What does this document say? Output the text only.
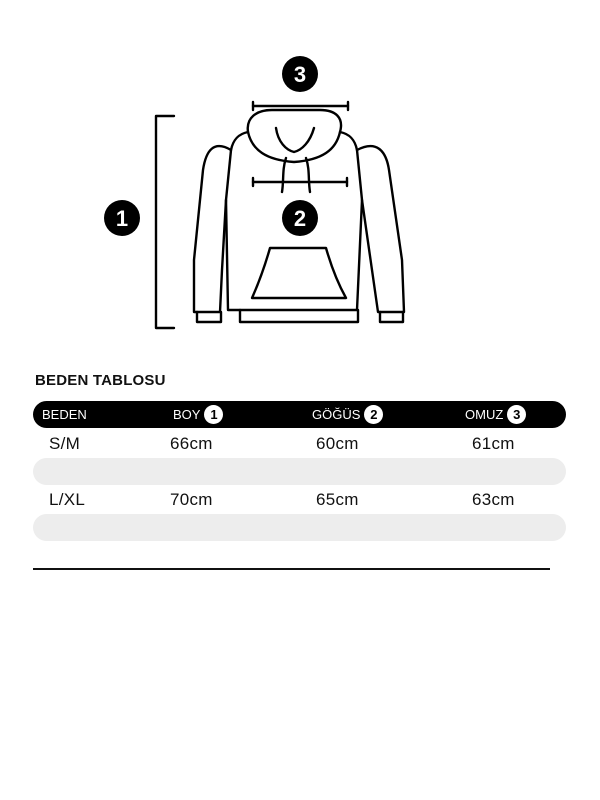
3
2
1
BEDEN TABLOSU
BEDEN	BOY 1	GÖĞÜS 2	OMUZ 3
S/M	66cm	60cm	61cm
L/XL	70cm	65cm	63cm
